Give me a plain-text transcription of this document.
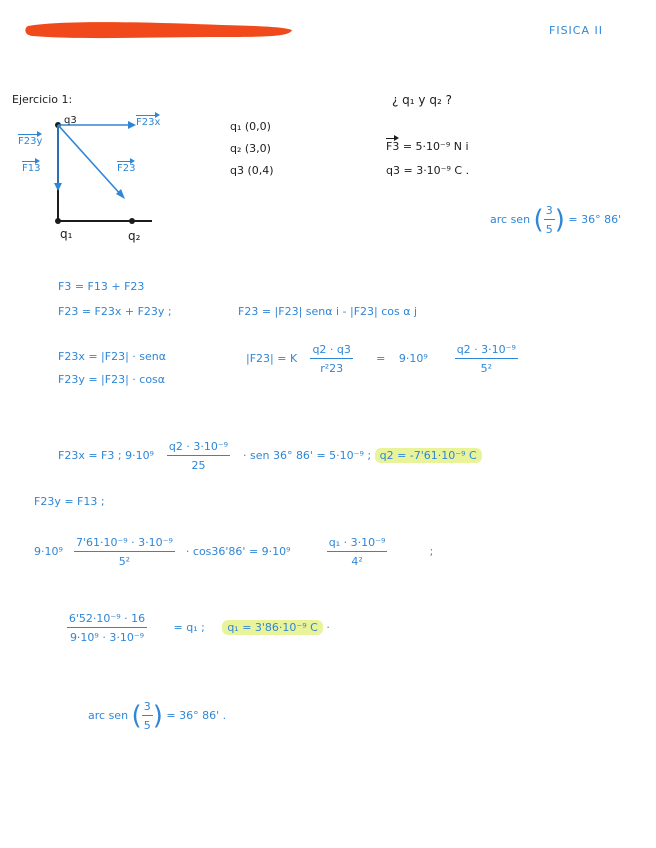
FISICA II
Ejercicio 1:	¿ q₁ y q₂ ?
q3
q₁	q₂
F23x
F23y
F13	F23
q₁ (0,0)
q₂ (3,0)
q3 (0,4)
F3 = 5·10⁻⁹ N i
q3 = 3·10⁻⁹ C .
arc sen ( $\frac{3}{5}$ ) = 36° 86'
F3 = F13 + F23
F23 = F23x + F23y ;	F23 = |F23| senα i - |F23| cos α j
F23x = |F23| · senα
F23y = |F23| · cosα
|F23| = K $\frac{q2 \cdot q3}{\text{r²23}} = 9\cdot 10^9 \frac{\text{q2 · 3·10⁻⁹}}{\text{5²}}$
F23x = F3 ; $9\cdot 10^9 \frac{\text{q2 · 3·10⁻⁹}}{25}$ · sen 36° 86' = 5·10⁻⁹ ; q2 = -7'61·10⁻⁹ C
F23y = F13 ;
$9\cdot 10^9 \frac{\text{7'61·10⁻⁹ · 3·10⁻⁹}}{\text{5²}} \cdot \cos 36'86' = 9\cdot 10^9 \frac{\text{q₁ · 3·10⁻⁹}}{\text{4²}}$ ;
$\frac{\text{6'52·10⁻⁹ · 16}}{\text{9·10⁹ · 3·10⁻⁹}} = q_1$ ; q₁ = 3'86·10⁻⁹ C ·
arc sen ( $\frac{3}{5}$ ) = 36° 86' .
